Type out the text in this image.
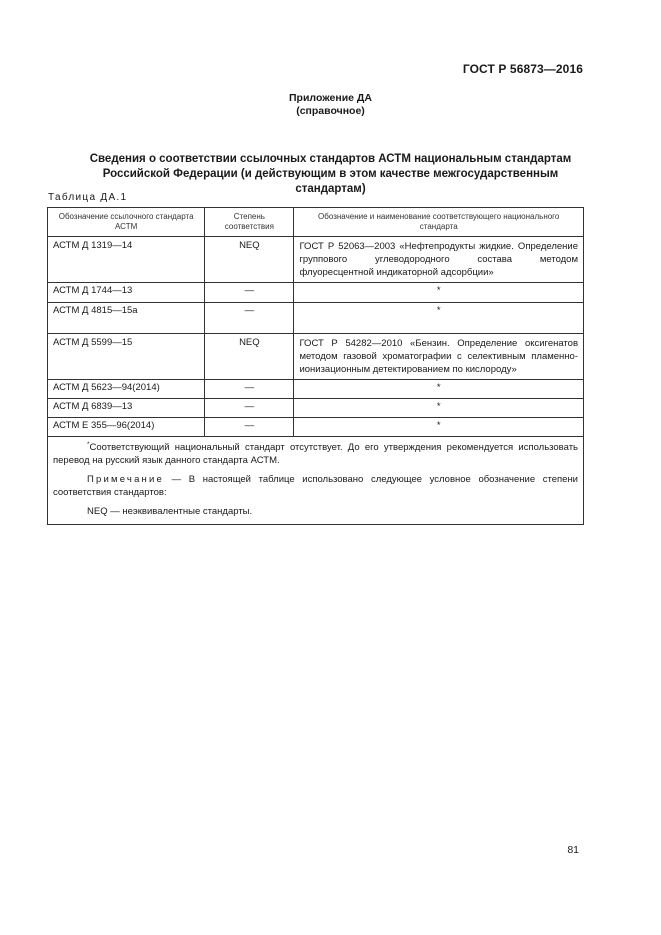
ГОСТ Р 56873—2016
Приложение ДА
(справочное)
Сведения о соответствии ссылочных стандартов АСТМ национальным стандартам Российской Федерации (и действующим в этом качестве межгосударственным стандартам)
Таблица ДА.1
Обозначение ссылочного стандарта АСТМ	Степень соответствия	Обозначение и наименование соответствующего национального стандарта
АСТМ Д 1319—14	NEQ	ГОСТ Р 52063—2003 «Нефтепродукты жидкие. Определение группового углеводородного состава методом флуоресцентной индикаторной адсорбции»
АСТМ Д 1744—13	—	*
АСТМ Д 4815—15а	—	*
АСТМ Д 5599—15	NEQ	ГОСТ Р 54282—2010 «Бензин. Определение оксигенатов методом газовой хроматографии с селективным пламенно-ионизационным детектированием по кислороду»
АСТМ Д 5623—94(2014)	—	*
АСТМ Д 6839—13	—	*
АСТМ Е 355—96(2014)	—	*

*Соответствующий национальный стандарт отсутствует. До его утверждения рекомендуется использовать перевод на русский язык данного стандарта АСТМ.

Примечание — В настоящей таблице использовано следующее условное обозначение степени соответствия стандартов:

NEQ — неэквивалентные стандарты.		

81
